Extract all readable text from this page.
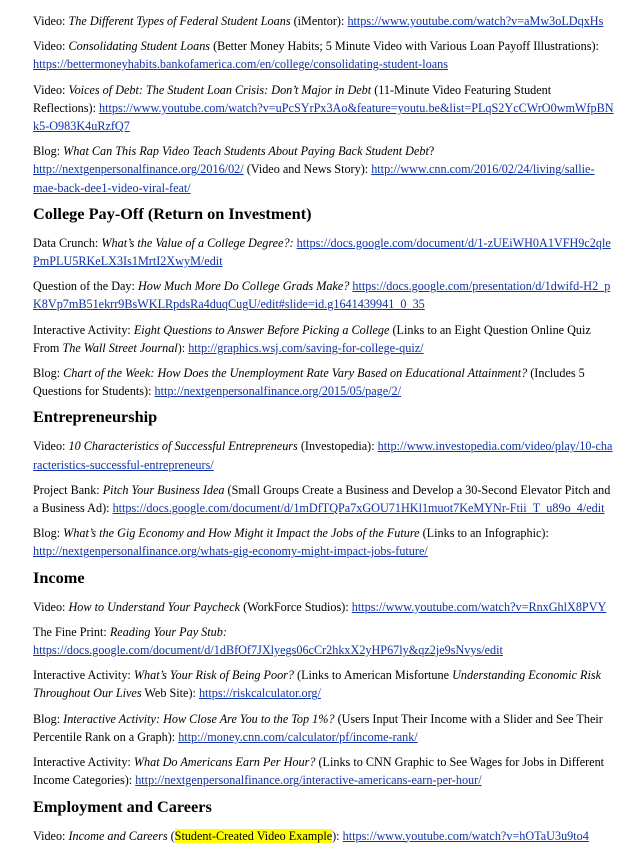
Video: The Different Types of Federal Student Loans (iMentor): https://www.youtube.com/watch?v=aMw3oLDqxHs

Video: Consolidating Student Loans (Better Money Habits; 5 Minute Video with Various Loan Payoff Illustrations): https://bettermoneyhabits.bankofamerica.com/en/college/consolidating-student-loans

Video: Voices of Debt: The Student Loan Crisis: Don’t Major in Debt (11-Minute Video Featuring Student Reflections): https://www.youtube.com/watch?v=uPcSYrPx3Ao&feature=youtu.be&list=PLqS2YcCWrO0wmWfpBNk5-O983K4uRzfQ7

Blog: What Can This Rap Video Teach Students About Paying Back Student Debt? http://nextgenpersonalfinance.org/2016/02/ (Video and News Story): http://www.cnn.com/2016/02/24/living/sallie-mae-back-dee1-video-viral-feat/

College Pay-Off (Return on Investment)

Data Crunch: What’s the Value of a College Degree?: https://docs.google.com/document/d/1-zUEiWH0A1VFH9c2qlePmPLU5RKeLX3Is1MrtI2XwyM/edit

Question of the Day: How Much More Do College Grads Make? https://docs.google.com/presentation/d/1dwifd-H2_pK8Vp7mB51ekrr9BsWKLRpdsRa4duqCugU/edit#slide=id.g1641439941_0_35

Interactive Activity: Eight Questions to Answer Before Picking a College (Links to an Eight Question Online Quiz From The Wall Street Journal): http://graphics.wsj.com/saving-for-college-quiz/

Blog: Chart of the Week: How Does the Unemployment Rate Vary Based on Educational Attainment? (Includes 5 Questions for Students): http://nextgenpersonalfinance.org/2015/05/page/2/

Entrepreneurship

Video: 10 Characteristics of Successful Entrepreneurs (Investopedia): http://www.investopedia.com/video/play/10-characteristics-successful-entrepreneurs/

Project Bank: Pitch Your Business Idea (Small Groups Create a Business and Develop a 30-Second Elevator Pitch and a Business Ad): https://docs.google.com/document/d/1mDfTQPa7xGOU71HKl1muot7KeMYNr-Ftii_T_u89o_4/edit

Blog: What’s the Gig Economy and How Might it Impact the Jobs of the Future (Links to an Infographic): http://nextgenpersonalfinance.org/whats-gig-economy-might-impact-jobs-future/

Income

Video: How to Understand Your Paycheck (WorkForce Studios): https://www.youtube.com/watch?v=RnxGhlX8PVY

The Fine Print: Reading Your Pay Stub:
https://docs.google.com/document/d/1dBfOf7JXlyegs06cCr2hkxX2yHP67ly&qz2je9sNvys/edit

Interactive Activity: What’s Your Risk of Being Poor? (Links to American Misfortune Understanding Economic Risk Throughout Our Lives Web Site): https://riskcalculator.org/

Blog: Interactive Activity: How Close Are You to the Top 1%? (Users Input Their Income with a Slider and See Their Percentile Rank on a Graph): http://money.cnn.com/calculator/pf/income-rank/

Interactive Activity: What Do Americans Earn Per Hour? (Links to CNN Graphic to See Wages for Jobs in Different Income Categories): http://nextgenpersonalfinance.org/interactive-americans-earn-per-hour/

Employment and Careers

Video: Income and Careers (Student-Created Video Example): https://www.youtube.com/watch?v=hOTaU3u9to4
